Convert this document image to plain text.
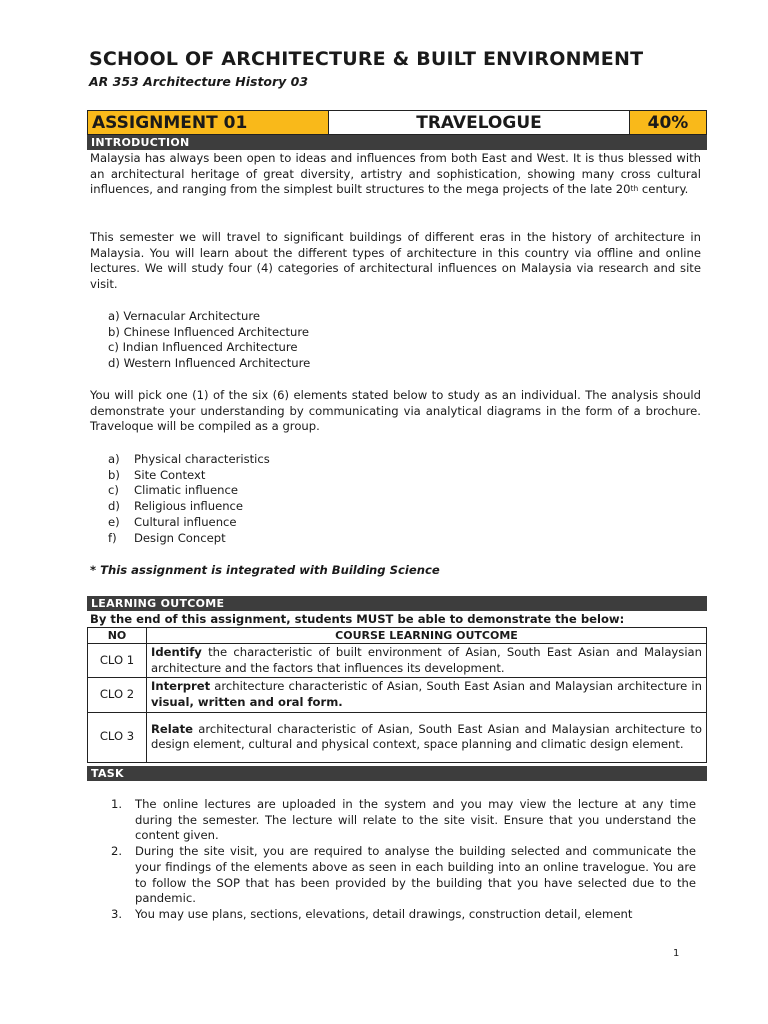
SCHOOL OF ARCHITECTURE & BUILT ENVIRONMENT
AR 353 Architecture History 03
ASSIGNMENT 01	TRAVELOGUE	40%
INTRODUCTION
Malaysia has always been open to ideas and influences from both East and West. It is thus blessed with an architectural heritage of great diversity, artistry and sophistication, showing many cross cultural influences, and ranging from the simplest built structures to the mega projects of the late 20th century.
This semester we will travel to significant buildings of different eras in the history of architecture in Malaysia. You will learn about the different types of architecture in this country via offline and online lectures. We will study four (4) categories of architectural influences on Malaysia via research and site visit.
a) Vernacular Architecture
b) Chinese Influenced Architecture
c) Indian Influenced Architecture
d) Western Influenced Architecture
You will pick one (1) of the six (6) elements stated below to study as an individual. The analysis should demonstrate your understanding by communicating via analytical diagrams in the form of a brochure. Traveloque will be compiled as a group.
a) Physical characteristics
b) Site Context
c) Climatic influence
d) Religious influence
e) Cultural influence
f) Design Concept
* This assignment is integrated with Building Science
LEARNING OUTCOME
By the end of this assignment, students MUST be able to demonstrate the below:
NO	COURSE LEARNING OUTCOME
CLO 1	Identify the characteristic of built environment of Asian, South East Asian and Malaysian architecture and the factors that influences its development.
CLO 2	Interpret architecture characteristic of Asian, South East Asian and Malaysian architecture in visual, written and oral form.
CLO 3	Relate architectural characteristic of Asian, South East Asian and Malaysian architecture to design element, cultural and physical context, space planning and climatic design element.
TASK
1.	The online lectures are uploaded in the system and you may view the lecture at any time during the semester. The lecture will relate to the site visit. Ensure that you understand the content given.
2.	During the site visit, you are required to analyse the building selected and communicate the your findings of the elements above as seen in each building into an online travelogue. You are to follow the SOP that has been provided by the building that you have selected due to the pandemic.
3.	You may use plans, sections, elevations, detail drawings, construction detail, element
1
